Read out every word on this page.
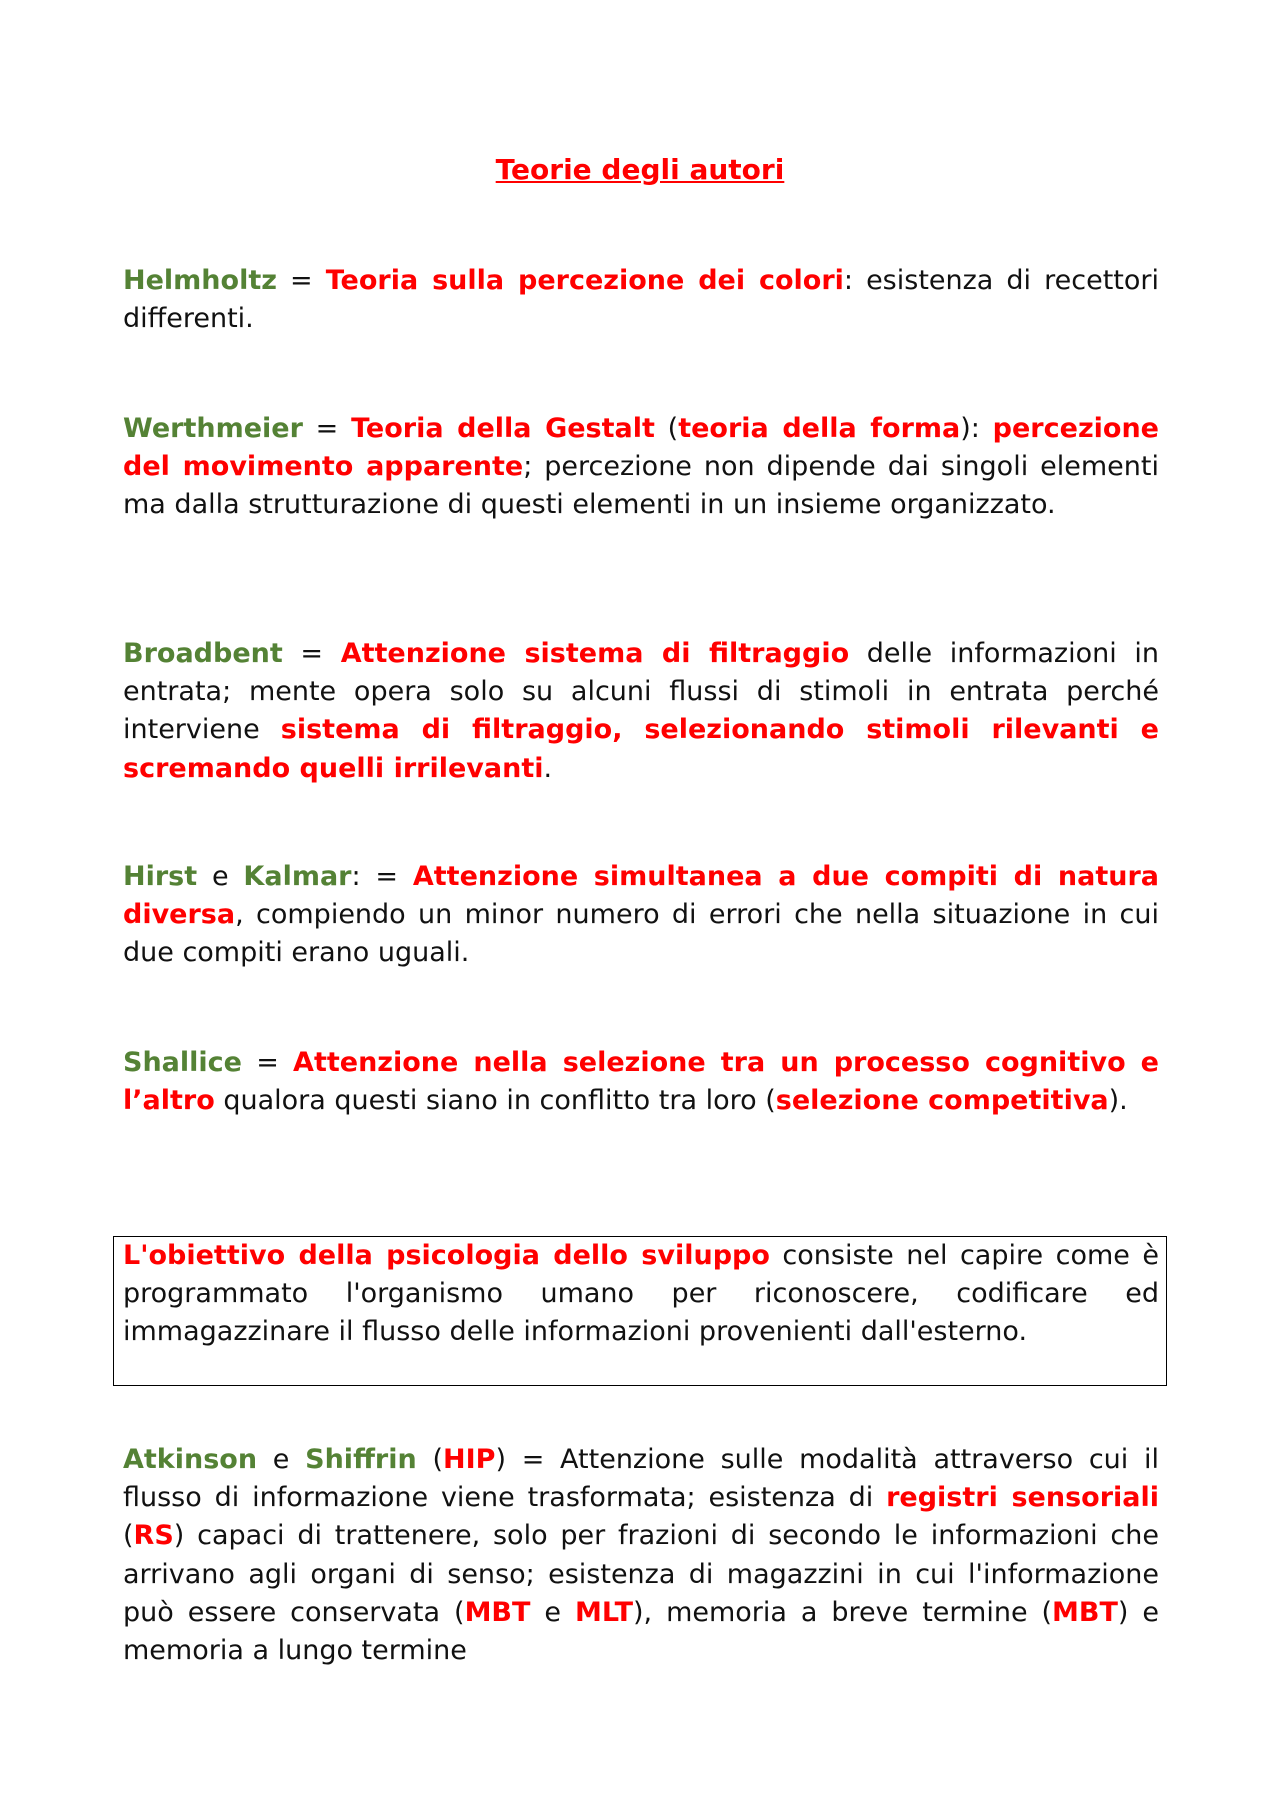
Teorie degli autori

Helmholtz = Teoria sulla percezione dei colori: esistenza di recettori differenti.

Werthmeier = Teoria della Gestalt (teoria della forma): percezione del movimento apparente; percezione non dipende dai singoli elementi ma dalla strutturazione di questi elementi in un insieme organizzato.

Broadbent = Attenzione sistema di filtraggio delle informazioni in entrata; mente opera solo su alcuni flussi di stimoli in entrata perché interviene sistema di filtraggio, selezionando stimoli rilevanti e scremando quelli irrilevanti.

Hirst e Kalmar: = Attenzione simultanea a due compiti di natura diversa, compiendo un minor numero di errori che nella situazione in cui due compiti erano uguali.

Shallice = Attenzione nella selezione tra un processo cognitivo e l’altro qualora questi siano in conflitto tra loro (selezione competitiva).

L'obiettivo della psicologia dello sviluppo consiste nel capire come è programmato l'organismo umano per riconoscere, codificare ed immagazzinare il flusso delle informazioni provenienti dall'esterno.

Atkinson e Shiffrin (HIP) = Attenzione sulle modalità attraverso cui il flusso di informazione viene trasformata; esistenza di registri sensoriali (RS) capaci di trattenere, solo per frazioni di secondo le informazioni che arrivano agli organi di senso; esistenza di magazzini in cui l'informazione può essere conservata (MBT e MLT), memoria a breve termine (MBT) e memoria a lungo termine
